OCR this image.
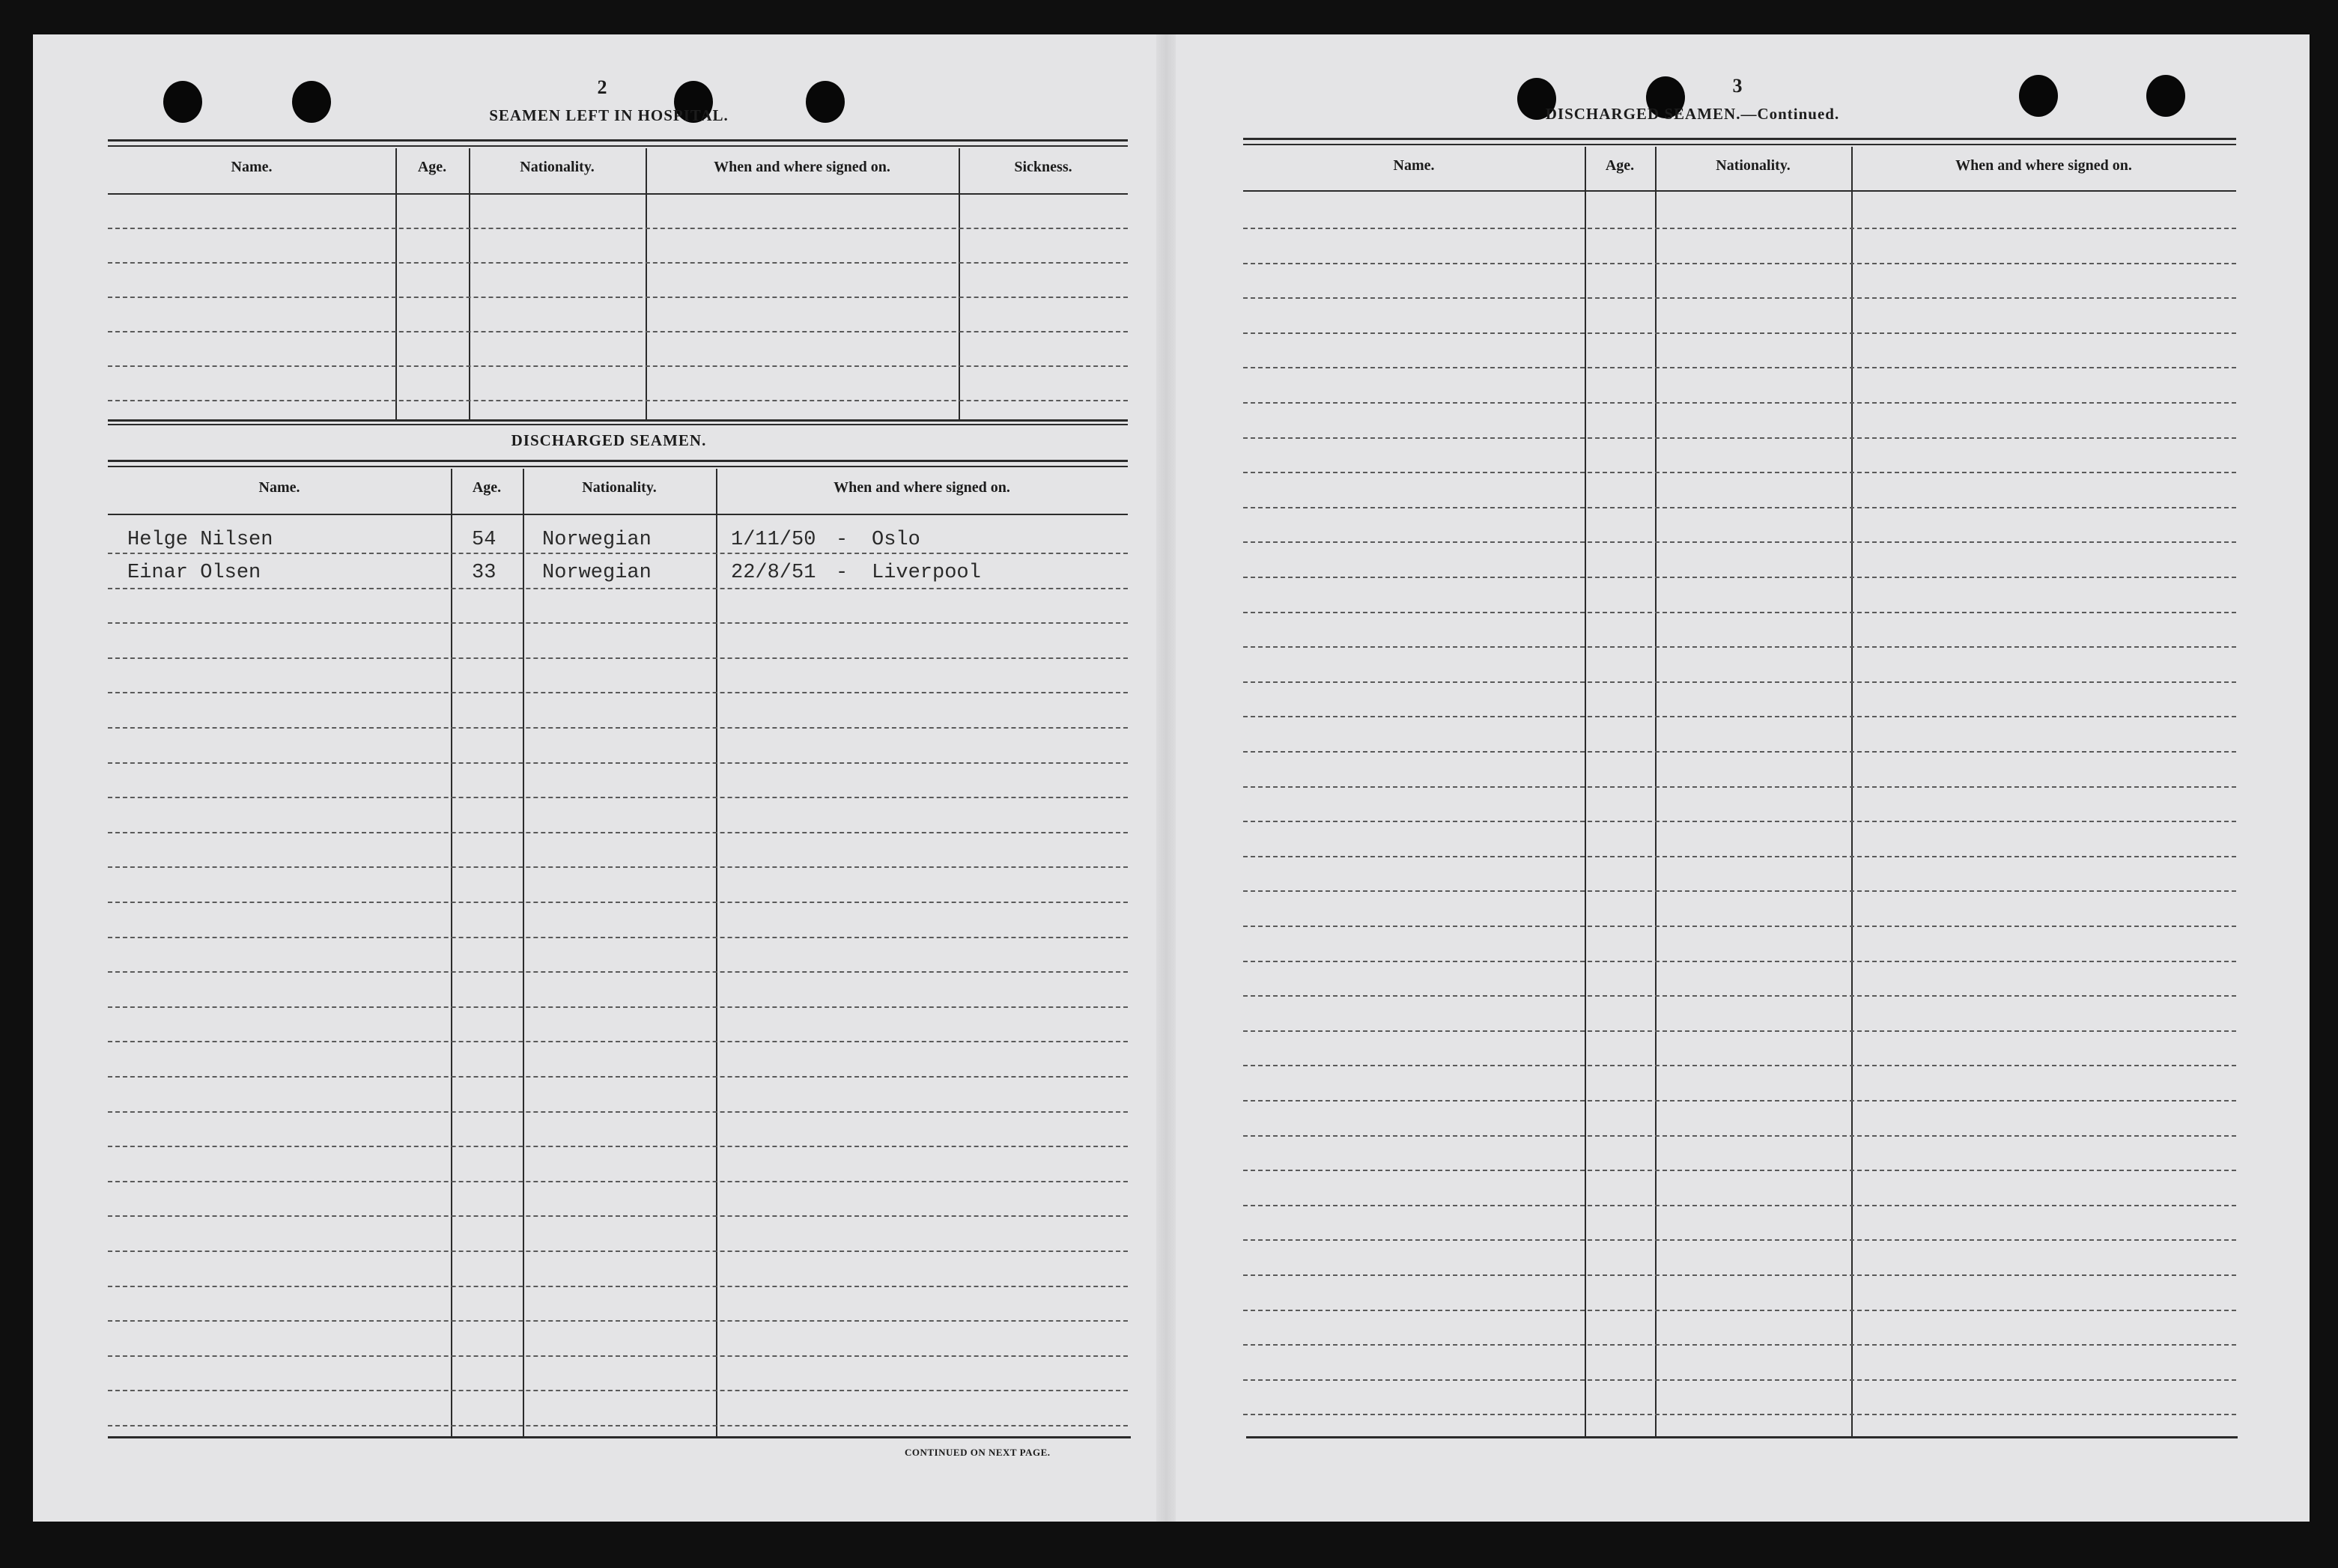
2
SEAMEN LEFT IN HOSPITAL.
Name.	Age.	Nationality.	When and where signed on.	Sickness.
DISCHARGED SEAMEN.
Name.	Age.	Nationality.	When and where signed on.
Helge Nilsen	54 Norwegian	1/11/50 - Oslo
Einar Olsen	33 Norwegian	22/8/51 - Liverpool
CONTINUED ON NEXT PAGE.
3
DISCHARGED SEAMEN.—Continued.
Name.	Age.	Nationality.	When and where signed on.
